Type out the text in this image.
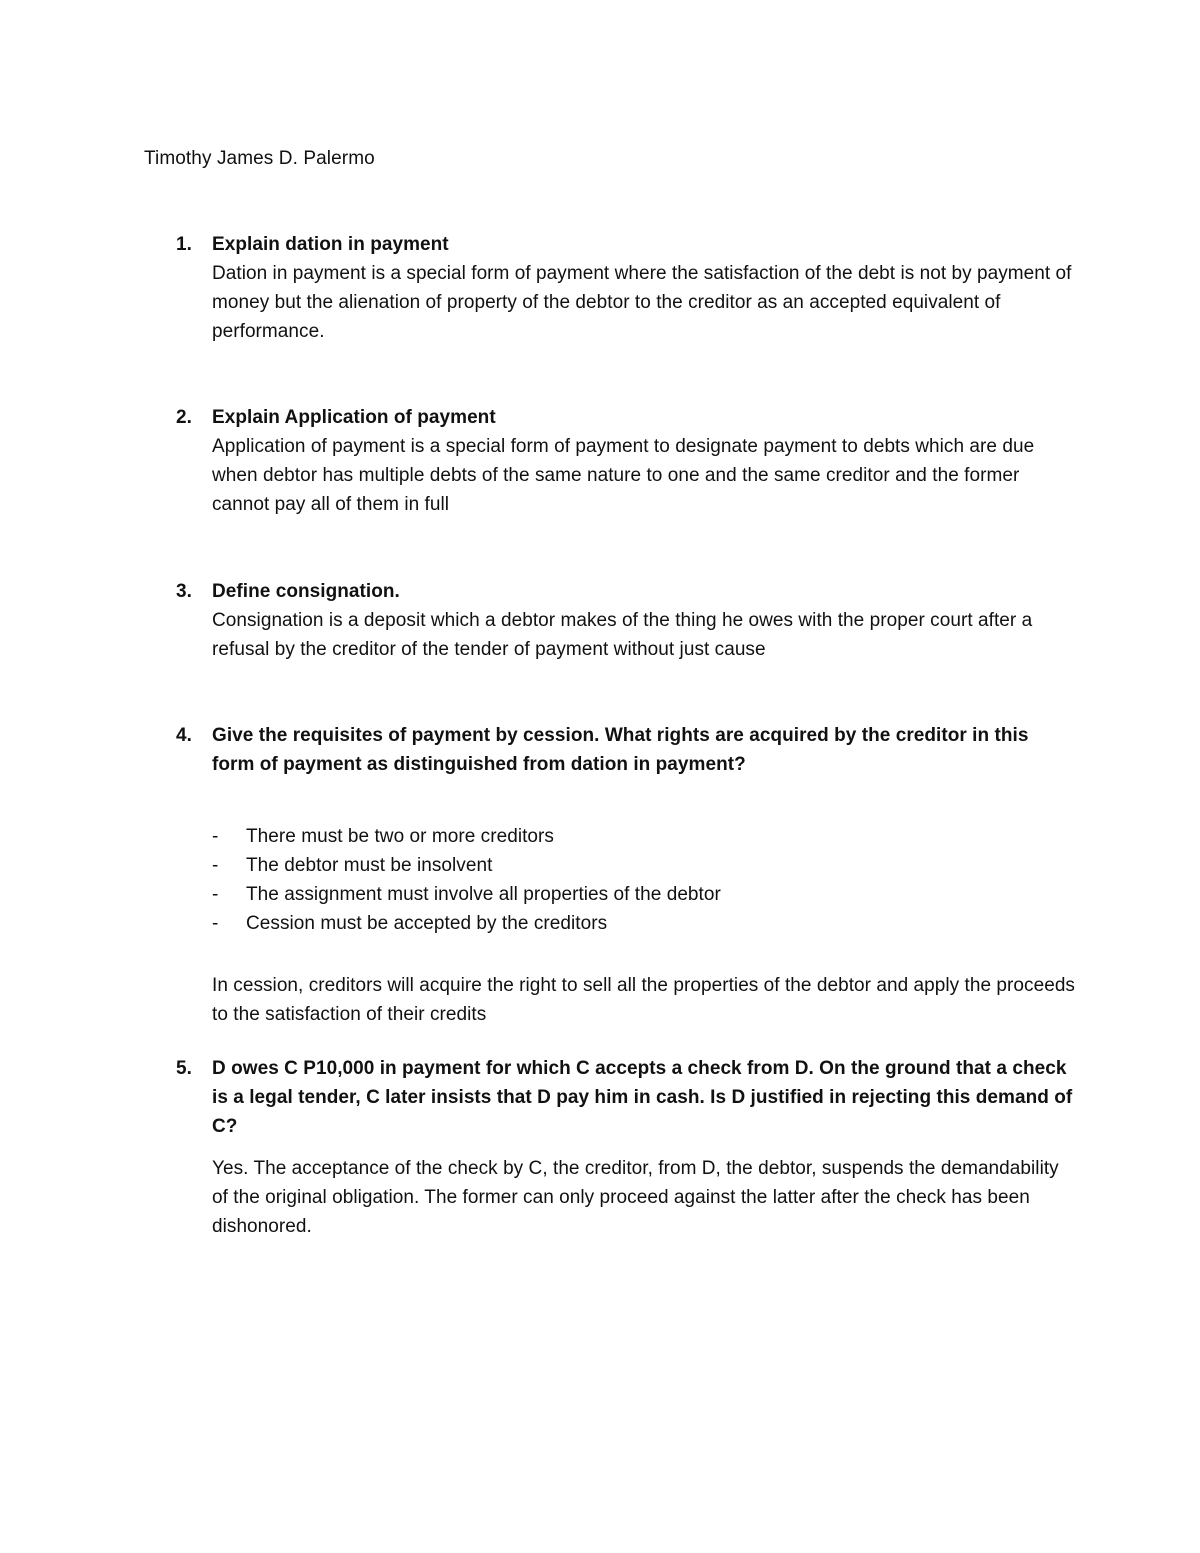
Timothy James D. Palermo
1. Explain dation in payment
Dation in payment is a special form of payment where the satisfaction of the debt is not by payment of money but the alienation of property of the debtor to the creditor as an accepted equivalent of performance.
2. Explain Application of payment
Application of payment is a special form of payment to designate payment to debts which are due when debtor has multiple debts of the same nature to one and the same creditor and the former cannot pay all of them in full
3. Define consignation.
Consignation is a deposit which a debtor makes of the thing he owes with the proper court after a refusal by the creditor of the tender of payment without just cause
4. Give the requisites of payment by cession. What rights are acquired by the creditor in this form of payment as distinguished from dation in payment?
- There must be two or more creditors
- The debtor must be insolvent
- The assignment must involve all properties of the debtor
- Cession must be accepted by the creditors
In cession, creditors will acquire the right to sell all the properties of the debtor and apply the proceeds to the satisfaction of their credits
5. D owes C P10,000 in payment for which C accepts a check from D. On the ground that a check is a legal tender, C later insists that D pay him in cash. Is D justified in rejecting this demand of C?
Yes. The acceptance of the check by C, the creditor, from D, the debtor, suspends the demandability of the original obligation. The former can only proceed against the latter after the check has been dishonored.
